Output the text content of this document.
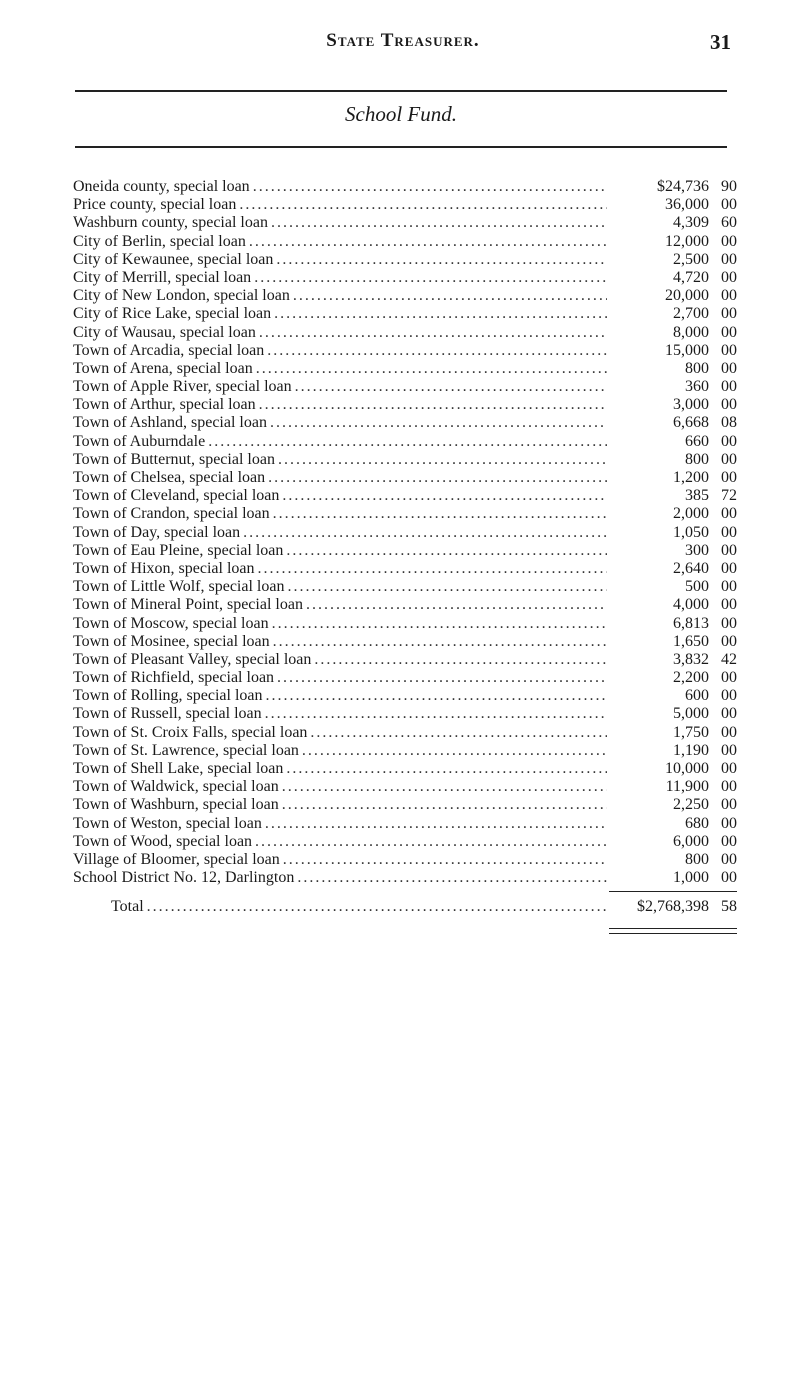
State Treasurer.	31
School Fund.
Oneida county, special loan .....	$24,736 90
Price county, special loan .....	36,000 00
Washburn county, special loan .....	4,309 60
City of Berlin, special loan .....	12,000 00
City of Kewaunee, special loan .....	2,500 00
City of Merrill, special loan .....	4,720 00
City of New London, special loan .....	20,000 00
City of Rice Lake, special loan .....	2,700 00
City of Wausau, special loan .....	8,000 00
Town of Arcadia, special loan .....	15,000 00
Town of Arena, special loan .....	800 00
Town of Apple River, special loan .....	360 00
Town of Arthur, special loan .....	3,000 00
Town of Ashland, special loan .....	6,668 08
Town of Auburndale .....	660 00
Town of Butternut, special loan .....	800 00
Town of Chelsea, special loan .....	1,200 00
Town of Cleveland, special loan .....	385 72
Town of Crandon, special loan .....	2,000 00
Town of Day, special loan .....	1,050 00
Town of Eau Pleine, special loan .....	300 00
Town of Hixon, special loan .....	2,640 00
Town of Little Wolf, special loan .....	500 00
Town of Mineral Point, special loan .....	4,000 00
Town of Moscow, special loan .....	6,813 00
Town of Mosinee, special loan .....	1,650 00
Town of Pleasant Valley, special loan .....	3,832 42
Town of Richfield, special loan .....	2,200 00
Town of Rolling, special loan .....	600 00
Town of Russell, special loan .....	5,000 00
Town of St. Croix Falls, special loan .....	1,750 00
Town of St. Lawrence, special loan .....	1,190 00
Town of Shell Lake, special loan .....	10,000 00
Town of Waldwick, special loan .....	11,900 00
Town of Washburn, special loan .....	2,250 00
Town of Weston, special loan .....	680 00
Town of Wood, special loan .....	6,000 00
Village of Bloomer, special loan .....	800 00
School District No. 12, Darlington .....	1,000 00
Total .....	$2,768,398 58
